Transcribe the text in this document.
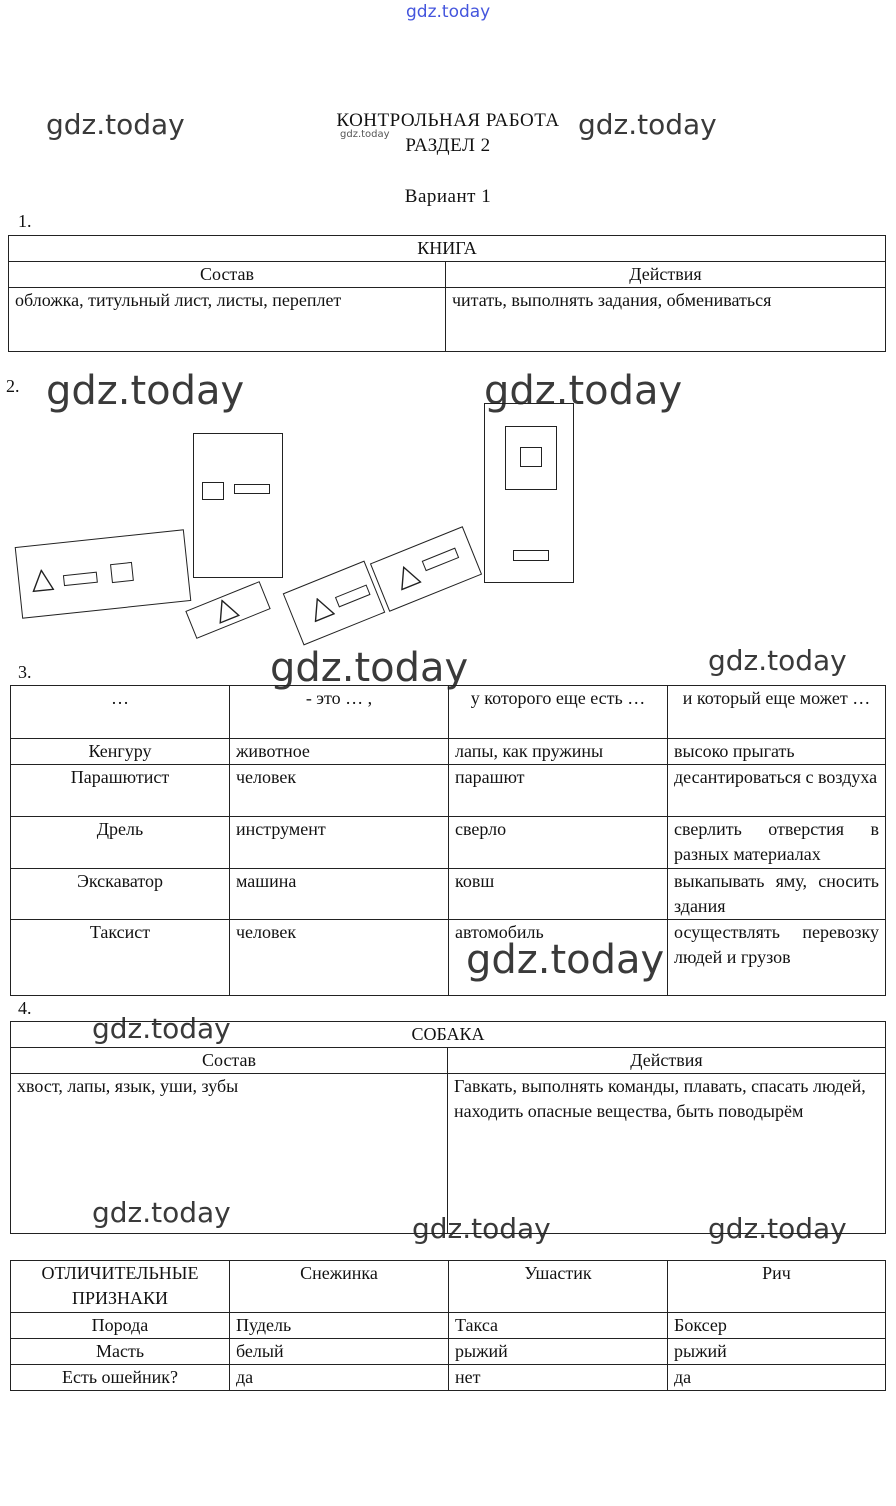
gdz.today
gdz.today	gdz.today
gdz.today
gdz.today	gdz.today
gdz.today	gdz.today
gdz.today
gdz.today
gdz.today	gdz.today	gdz.today
КОНТРОЛЬНАЯ РАБОТА
РАЗДЕЛ 2
Вариант 1
1.
КНИГА	
Состав	Действия
обложка, титульный лист, листы, переплет	читать, выполнять задания, обмениваться
2.
3.
…	- это … ,	у которого еще есть …	и который еще может …
Кенгуру	животное	лапы, как пружины	высоко прыгать
Парашютист	человек	парашют	десантироваться с воздуха
Дрель	инструмент	сверло	сверлить отверстия в разных материалах
Экскаватор	машина	ковш	выкапывать яму, сносить здания
Таксист	человек	автомобиль	осуществлять перевозку людей и грузов
4.
СОБАКА	
Состав	Действия
хвост, лапы, язык, уши, зубы	Гавкать, выполнять команды, плавать, спасать людей, находить опасные вещества, быть поводырём
ОТЛИЧИТЕЛЬНЫЕ ПРИЗНАКИ	Снежинка	Ушастик	Рич
Порода	Пудель	Такса	Боксер
Масть	белый	рыжий	рыжий
Есть ошейник?	да	нет	да
